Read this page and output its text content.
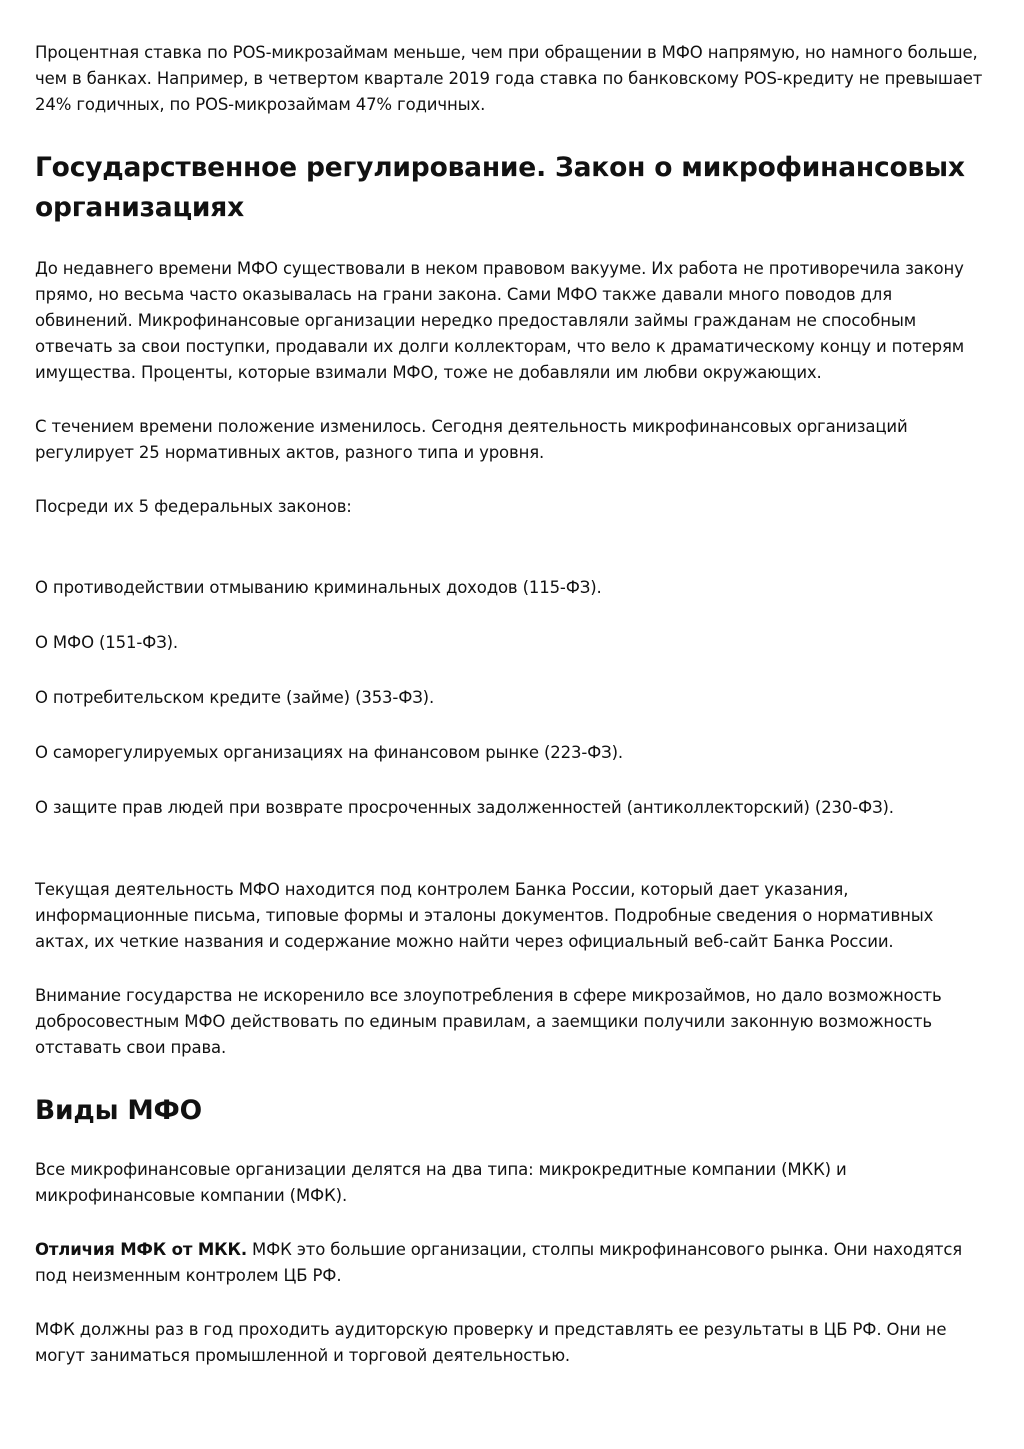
Процентная ставка по POS-микрозаймам меньше, чем при обращении в МФО напрямую, но намного больше, чем в банках. Например, в четвертом квартале 2019 года ставка по банковскому POS-кредиту не превышает 24% годичных, по POS-микрозаймам 47% годичных.

Государственное регулирование. Закон о микрофинансовых организациях

До недавнего времени МФО существовали в неком правовом вакууме. Их работа не противоречила закону прямо, но весьма часто оказывалась на грани закона. Сами МФО также давали много поводов для обвинений. Микрофинансовые организации нередко предоставляли займы гражданам не способным отвечать за свои поступки, продавали их долги коллекторам, что вело к драматическому концу и потерям имущества. Проценты, которые взимали МФО, тоже не добавляли им любви окружающих.

С течением времени положение изменилось. Сегодня деятельность микрофинансовых организаций регулирует 25 нормативных актов, разного типа и уровня.

Посреди их 5 федеральных законов:

О противодействии отмыванию криминальных доходов (115-ФЗ).

О МФО (151-ФЗ).

О потребительском кредите (займе) (353-ФЗ).

О саморегулируемых организациях на финансовом рынке (223-ФЗ).

О защите прав людей при возврате просроченных задолженностей (антиколлекторский) (230-ФЗ).

Текущая деятельность МФО находится под контролем Банка России, который дает указания, информационные письма, типовые формы и эталоны документов. Подробные сведения о нормативных актах, их четкие названия и содержание можно найти через официальный веб-сайт Банка России.

Внимание государства не искоренило все злоупотребления в сфере микрозаймов, но дало возможность добросовестным МФО действовать по единым правилам, а заемщики получили законную возможность отставать свои права.

Виды МФО

Все микрофинансовые организации делятся на два типа: микрокредитные компании (МКК) и микрофинансовые компании (МФК).

Отличия МФК от МКК. МФК это большие организации, столпы микрофинансового рынка. Они находятся под неизменным контролем ЦБ РФ.

МФК должны раз в год проходить аудиторскую проверку и представлять ее результаты в ЦБ РФ. Они не могут заниматься промышленной и торговой деятельностью.
